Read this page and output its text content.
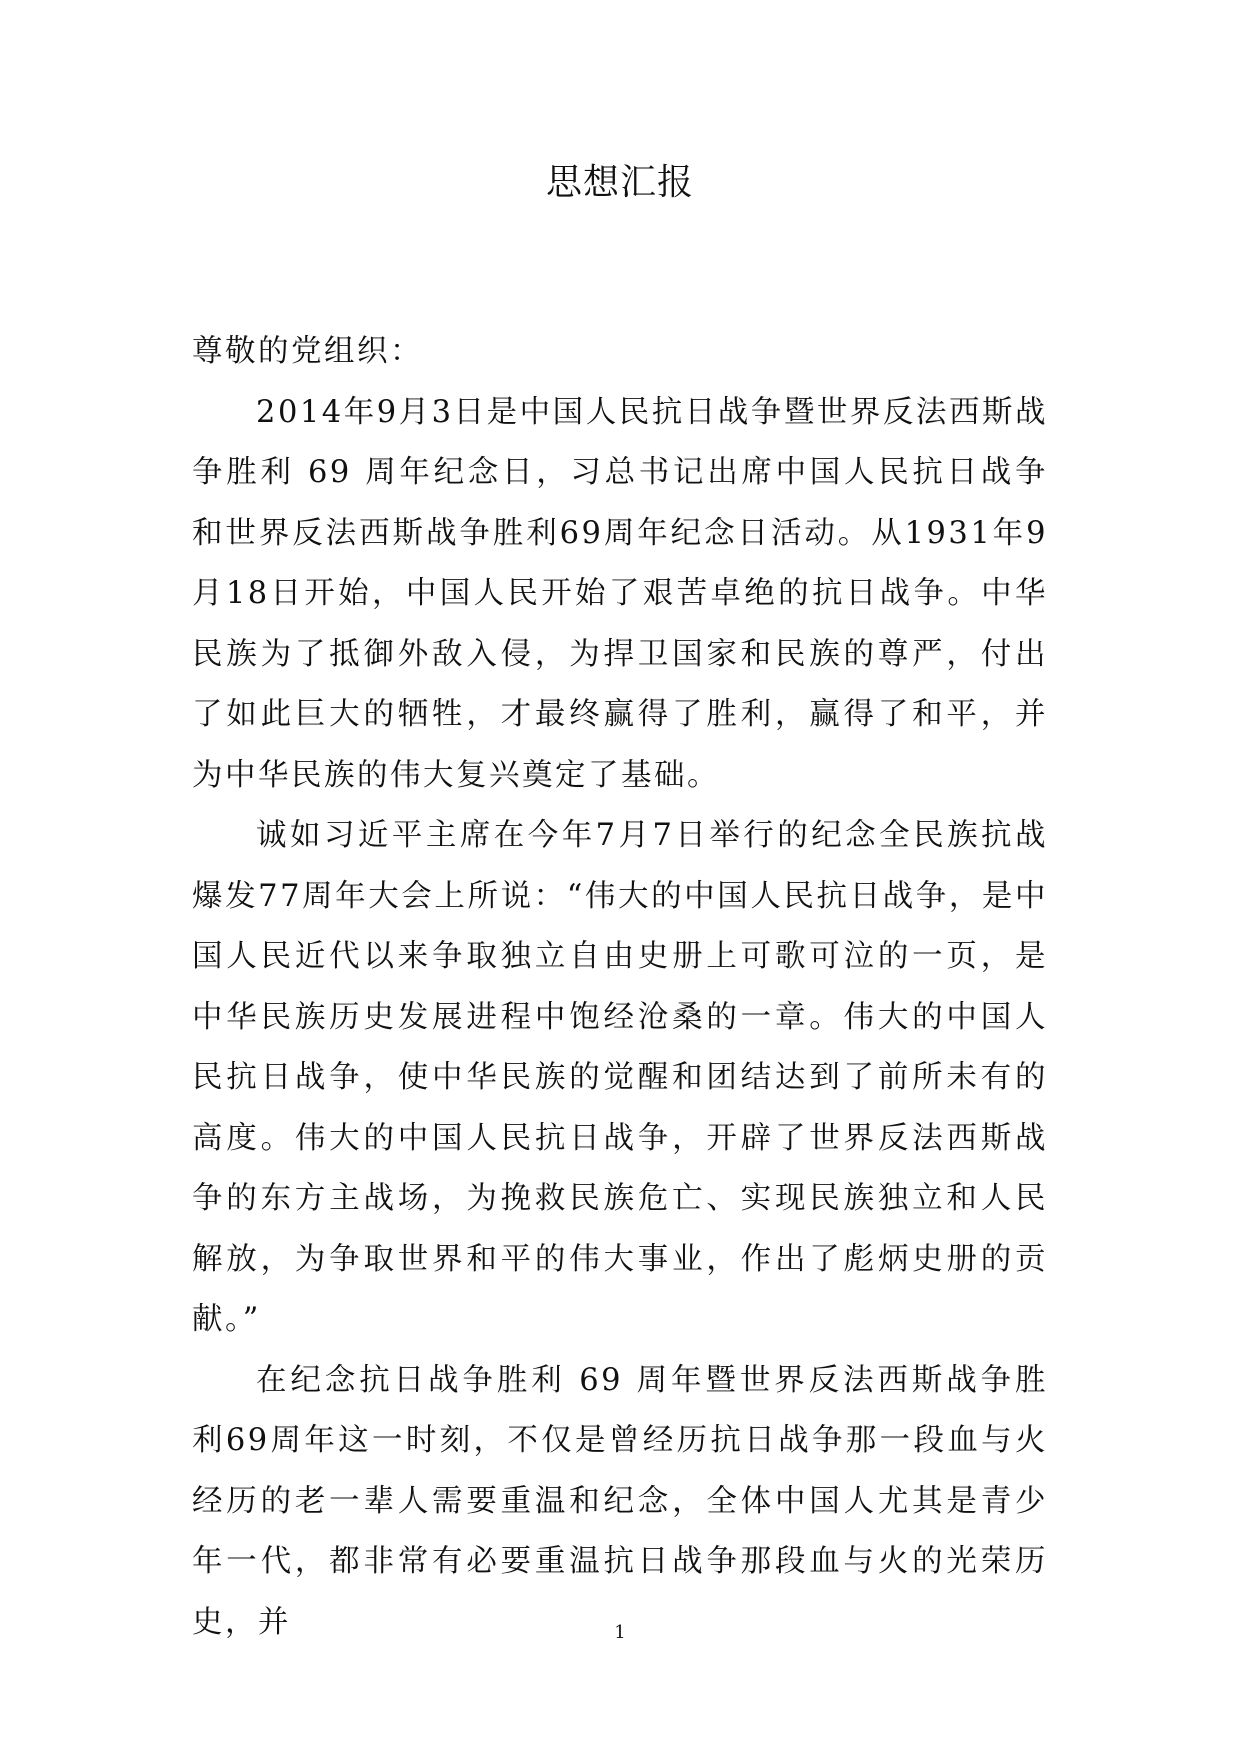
思想汇报

尊敬的党组织：

2014年9月3日是中国人民抗日战争暨世界反法西斯战争胜利 69 周年纪念日，习总书记出席中国人民抗日战争和世界反法西斯战争胜利69周年纪念日活动。从1931年9月18日开始，中国人民开始了艰苦卓绝的抗日战争。中华民族为了抵御外敌入侵，为捍卫国家和民族的尊严，付出了如此巨大的牺牲，才最终赢得了胜利，赢得了和平，并为中华民族的伟大复兴奠定了基础。

诚如习近平主席在今年7月7日举行的纪念全民族抗战爆发77周年大会上所说：“伟大的中国人民抗日战争，是中国人民近代以来争取独立自由史册上可歌可泣的一页，是中华民族历史发展进程中饱经沧桑的一章。伟大的中国人民抗日战争，使中华民族的觉醒和团结达到了前所未有的高度。伟大的中国人民抗日战争，开辟了世界反法西斯战争的东方主战场，为挽救民族危亡、实现民族独立和人民解放，为争取世界和平的伟大事业，作出了彪炳史册的贡献。”

在纪念抗日战争胜利 69 周年暨世界反法西斯战争胜利69周年这一时刻，不仅是曾经历抗日战争那一段血与火经历的老一辈人需要重温和纪念，全体中国人尤其是青少年一代，都非常有必要重温抗日战争那段血与火的光荣历史，并	1
